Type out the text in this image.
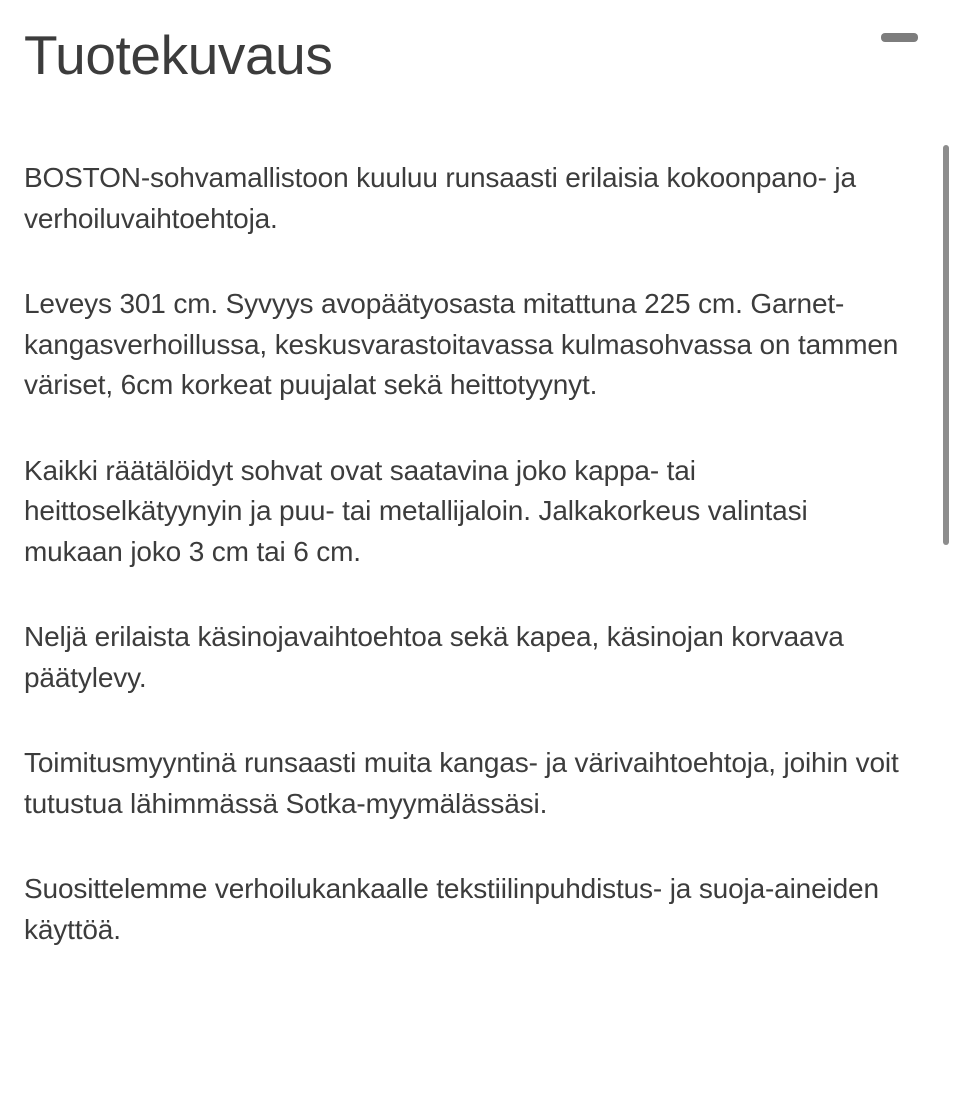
Tuotekuvaus

BOSTON-sohvamallistoon kuuluu runsaasti erilaisia kokoonpano- ja verhoiluvaihtoehtoja.

Leveys 301 cm. Syvyys avopäätyosasta mitattuna 225 cm. Garnet-kangasverhoillussa, keskusvarastoitavassa kulmasohvassa on tammen väriset, 6cm korkeat puujalat sekä heittotyynyt.

Kaikki räätälöidyt sohvat ovat saatavina joko kappa- tai heittoselkätyynyin ja puu- tai metallijaloin. Jalkakorkeus valintasi mukaan joko 3 cm tai 6 cm.

Neljä erilaista käsinojavaihtoehtoa sekä kapea, käsinojan korvaava päätylevy.

Toimitusmyyntinä runsaasti muita kangas- ja värivaihtoehtoja, joihin voit tutustua lähimmässä Sotka-myymälässäsi.

Suosittelemme verhoilukankaalle tekstiilinpuhdistus- ja suoja-aineiden käyttöä.
